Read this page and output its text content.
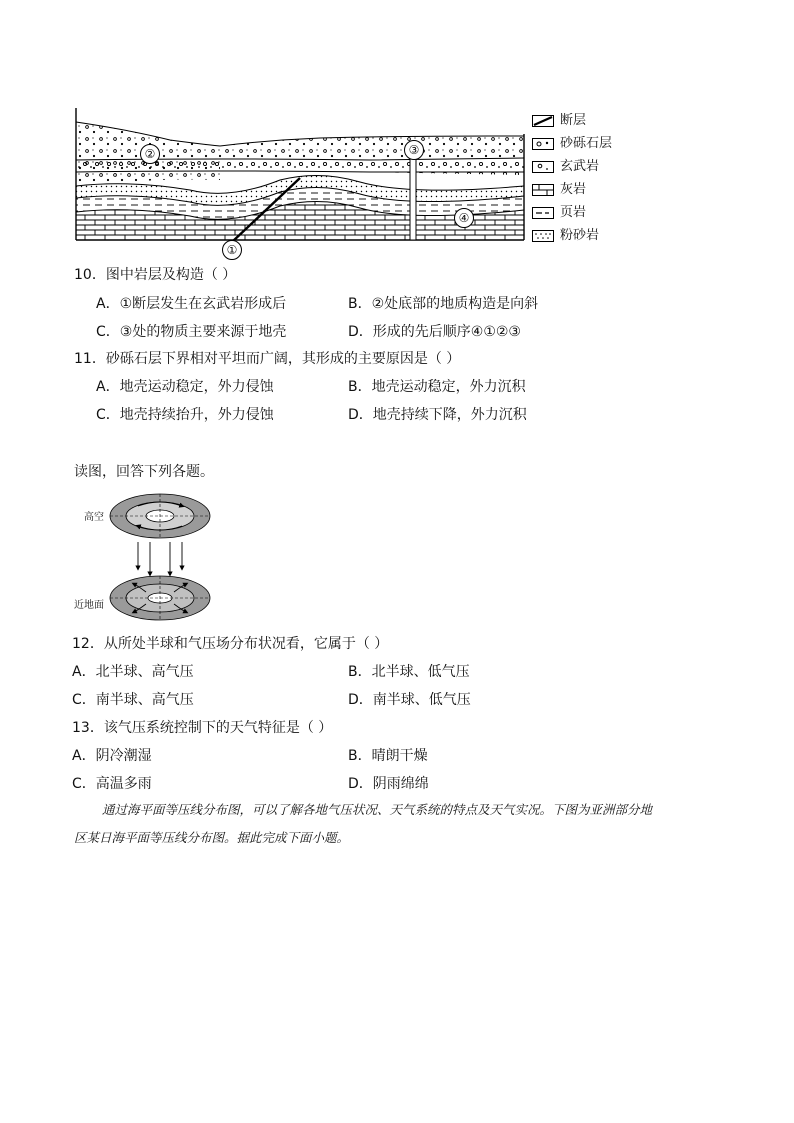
②	③
④
①
断层
砂砾石层
玄武岩
灰岩
页岩
粉砂岩
10．图中岩层及构造（ ）
A．①断层发生在玄武岩形成后	B．②处底部的地质构造是向斜
C．③处的物质主要来源于地壳	D．形成的先后顺序④①②③
11．砂砾石层下界相对平坦而广阔，其形成的主要原因是（ ）
A．地壳运动稳定，外力侵蚀	B．地壳运动稳定，外力沉积
C．地壳持续抬升，外力侵蚀	D．地壳持续下降，外力沉积
读图，回答下列各题。
高空
近地面
12．从所处半球和气压场分布状况看，它属于（ ）
A．北半球、高气压	B．北半球、低气压
C．南半球、高气压	D．南半球、低气压
13．该气压系统控制下的天气特征是（ ）
A．阴冷潮湿	B．晴朗干燥
C．高温多雨	D．阴雨绵绵
通过海平面等压线分布图，可以了解各地气压状况、天气系统的特点及天气实况。下图为亚洲部分地
区某日海平面等压线分布图。据此完成下面小题。
